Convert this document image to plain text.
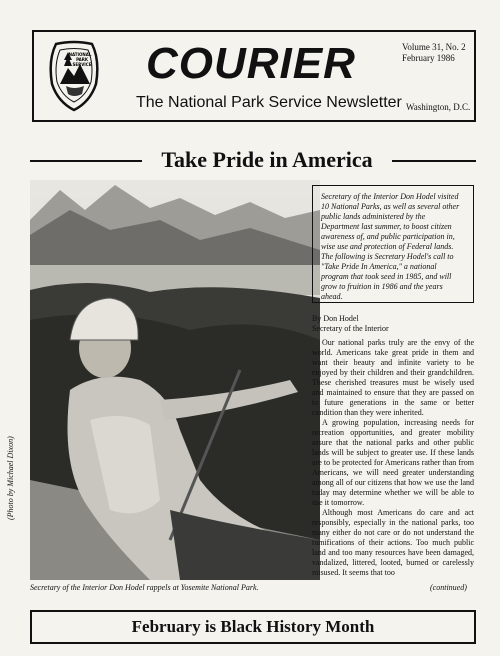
NATIONAL
PARK
SERVICE COURIER
The National Park Service Newsletter
Volume 31, No. 2
February 1986
Washington, D.C.
Take Pride in America
(Photo by Michael Dixon)
Secretary of the Interior Don Hodel rappels at Yosemite National Park.
Secretary of the Interior Don Hodel visited 10 National Parks, as well as several other public lands administered by the Department last summer, to boost citizen awareness of, and public participation in, wise use and protection of Federal lands. The following is Secretary Hodel's call to "Take Pride In America," a national program that took seed in 1985, and will grow to fruition in 1986 and the years ahead.
By Don Hodel
Secretary of the Interior

Our national parks truly are the envy of the world. Americans take great pride in them and want their beauty and infinite variety to be enjoyed by their children and their grandchildren. These cherished treasures must be wisely used and maintained to ensure that they are passed on to future generations in the same or better condition than they were inherited.

A growing population, increasing needs for recreation opportunities, and greater mobility assure that the national parks and other public lands will be subject to greater use. If these lands are to be protected for Americans rather than from Americans, we will need greater understanding among all of our citizens that how we use the land today may determine whether we will be able to use it tomorrow.

Although most Americans do care and act responsibly, especially in the national parks, too many either do not care or do not understand the ramifications of their actions. Too much public land and too many resources have been damaged, vandalized, littered, looted, burned or carelessly misused. It seems that too

(continued)
February is Black History Month
